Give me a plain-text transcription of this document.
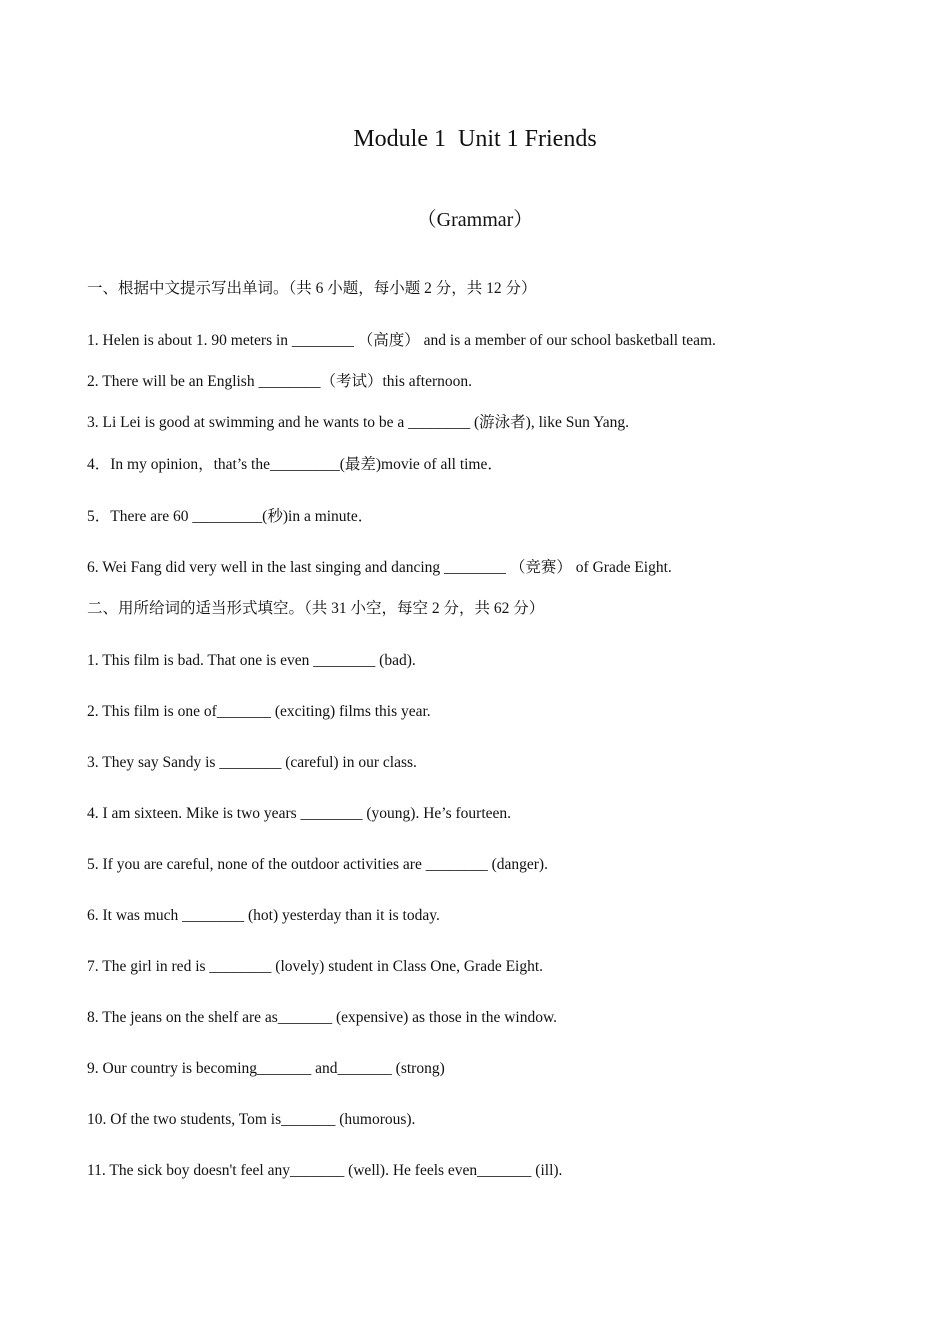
Module 1  Unit 1 Friends
（Grammar）
一、根据中文提示写出单词。（共 6 小题，每小题 2 分，共 12 分）
1. Helen is about 1. 90 meters in ________ （高度） and is a member of our school basketball team.
2. There will be an English ________（考试）this afternoon.
3. Li Lei is good at swimming and he wants to be a ________ (游泳者), like Sun Yang.
4．In my opinion，that’s the_________(最差)movie of all time．
5．There are 60 _________(秒)in a minute．
6. Wei Fang did very well in the last singing and dancing ________ （竞赛） of Grade Eight.
二、用所给词的适当形式填空。（共 31 小空，每空 2 分，共 62 分）
1. This film is bad. That one is even ________ (bad).
2. This film is one of_______ (exciting) films this year.
3. They say Sandy is ________ (careful) in our class.
4. I am sixteen. Mike is two years ________ (young). He’s fourteen.
5. If you are careful, none of the outdoor activities are ________ (danger).
6. It was much ________ (hot) yesterday than it is today.
7. The girl in red is ________ (lovely) student in Class One, Grade Eight.
8. The jeans on the shelf are as_______ (expensive) as those in the window.
9. Our country is becoming_______ and_______ (strong)
10. Of the two students, Tom is_______ (humorous).
11. The sick boy doesn't feel any_______ (well). He feels even_______ (ill).
